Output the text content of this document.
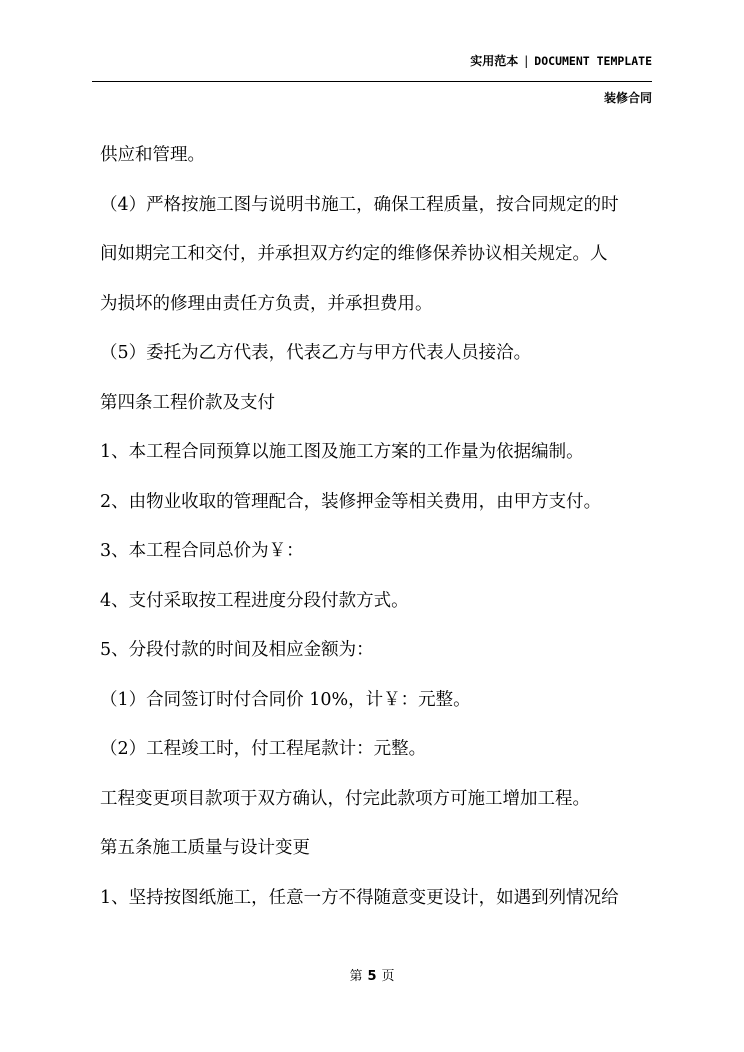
实用范本 | DOCUMENT TEMPLATE
装修合同
供应和管理。
（4）严格按施工图与说明书施工，确保工程质量，按合同规定的时
间如期完工和交付，并承担双方约定的维修保养协议相关规定。人
为损坏的修理由责任方负责，并承担费用。
（5）委托为乙方代表，代表乙方与甲方代表人员接洽。
第四条工程价款及支付
1、本工程合同预算以施工图及施工方案的工作量为依据编制。
2、由物业收取的管理配合，装修押金等相关费用，由甲方支付。
3、本工程合同总价为￥：
4、支付采取按工程进度分段付款方式。
5、分段付款的时间及相应金额为：
（1）合同签订时付合同价 10%，计￥：元整。
（2）工程竣工时，付工程尾款计：元整。
工程变更项目款项于双方确认，付完此款项方可施工增加工程。
第五条施工质量与设计变更
1、坚持按图纸施工，任意一方不得随意变更设计，如遇到列情况给
第 5 页
